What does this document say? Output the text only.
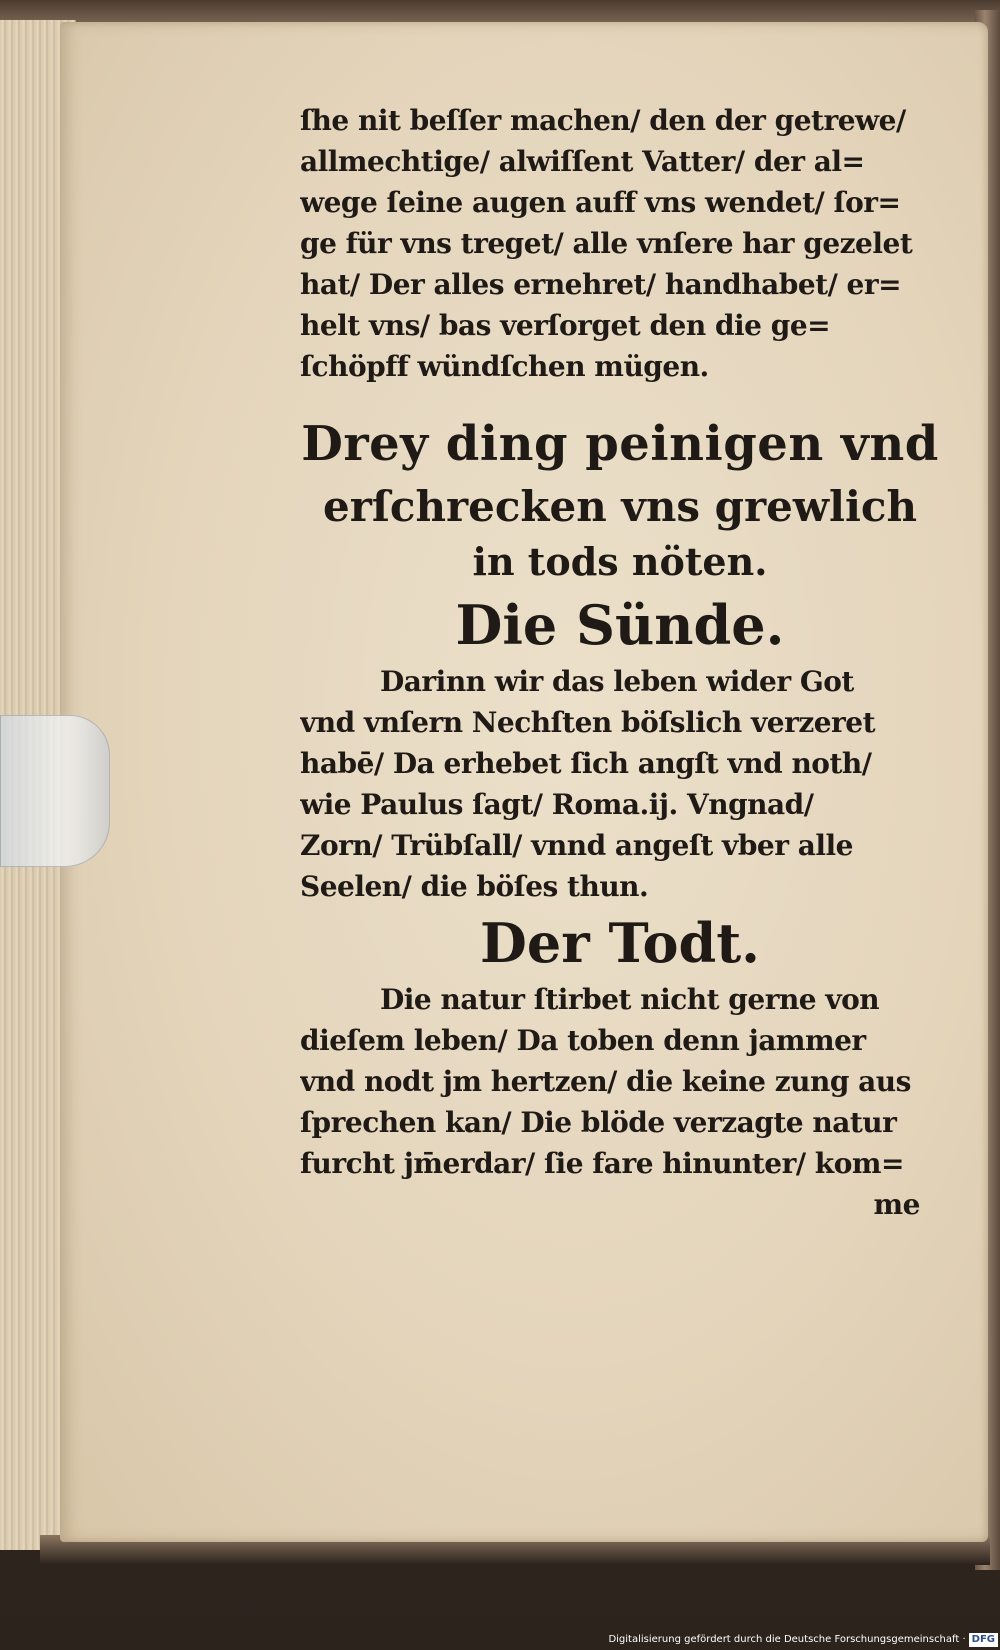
ſhe nit beſſer machen/ den der getrewe/
allmechtige/ alwiſſent Vatter/ der al=
wege ſeine augen auff vns wendet/ ſor=
ge für vns treget/ alle vnſere har gezelet
hat/ Der alles ernehret/ handhabet/ er=
helt vns/ bas verſorget den die ge=
ſchöpff wündſchen mügen.
Drey ding peinigen vnd
erſchrecken vns grewlich
in tods nöten.
Die Sünde.
Darinn wir das leben wider Got
vnd vnſern Nechſten böſslich verzeret
habē/ Da erhebet ſich angſt vnd noth/
wie Paulus ſagt/ Roma.ij. Vngnad/
Zorn/ Trübſall/ vnnd angeſt vber alle
Seelen/ die böſes thun.
Der Todt.
Die natur ſtirbet nicht gerne von
dieſem leben/ Da toben denn jammer
vnd nodt jm hertzen/ die keine zung aus
ſprechen kan/ Die blöde verzagte natur
furcht jm̄erdar/ ſie fare hinunter/ kom=
me
Digitalisierung gefördert durch die Deutsche Forschungsgemeinschaft · DFG
